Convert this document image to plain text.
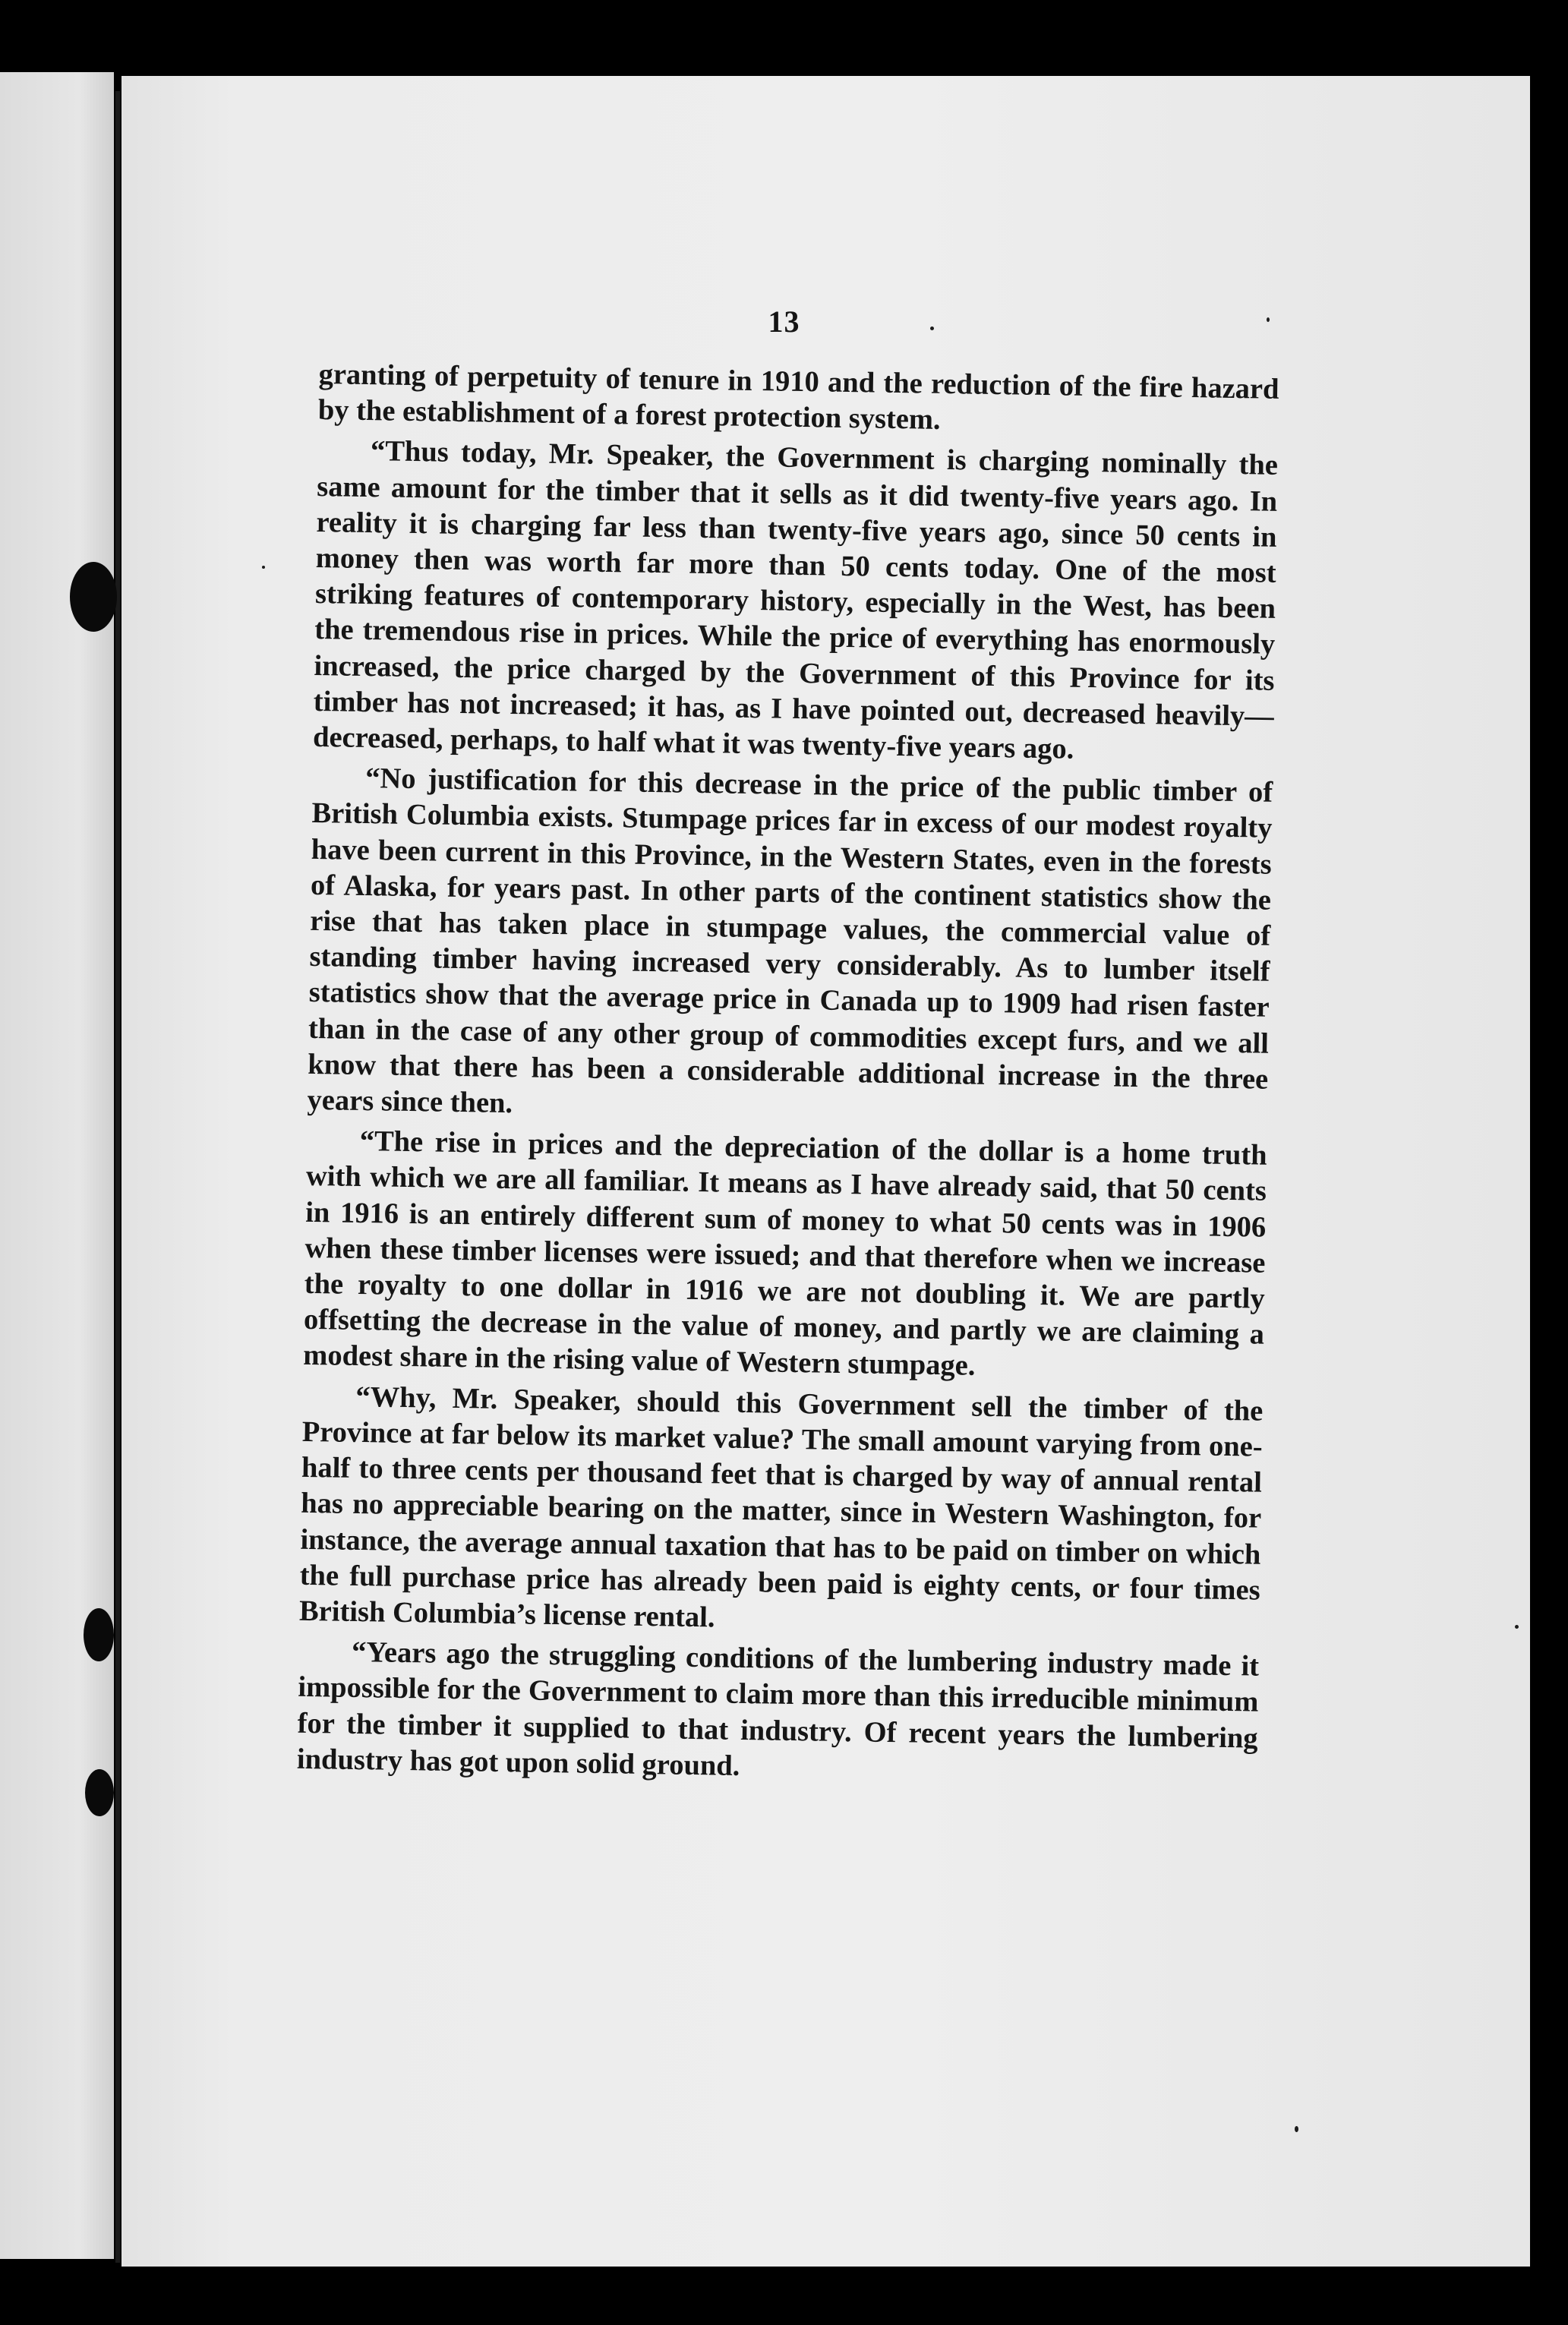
13

granting of perpetuity of tenure in 1910 and the reduction of the fire hazard by the establishment of a forest protection system.

“Thus today, Mr. Speaker, the Government is charging nominally the same amount for the timber that it sells as it did twenty-five years ago. In reality it is charging far less than twenty-five years ago, since 50 cents in money then was worth far more than 50 cents today. One of the most striking features of contemporary history, especially in the West, has been the tremendous rise in prices. While the price of everything has enormously increased, the price charged by the Government of this Province for its timber has not increased; it has, as I have pointed out, decreased heavily—decreased, perhaps, to half what it was twenty-five years ago.

“No justification for this decrease in the price of the public timber of British Columbia exists. Stumpage prices far in excess of our modest royalty have been current in this Province, in the Western States, even in the forests of Alaska, for years past. In other parts of the continent statistics show the rise that has taken place in stumpage values, the commercial value of standing timber having increased very considerably. As to lumber itself statistics show that the average price in Canada up to 1909 had risen faster than in the case of any other group of commodities except furs, and we all know that there has been a considerable additional increase in the three years since then.

“The rise in prices and the depreciation of the dollar is a home truth with which we are all familiar. It means as I have already said, that 50 cents in 1916 is an entirely different sum of money to what 50 cents was in 1906 when these timber licenses were issued; and that therefore when we increase the royalty to one dollar in 1916 we are not doubling it. We are partly offsetting the decrease in the value of money, and partly we are claiming a modest share in the rising value of Western stumpage.

“Why, Mr. Speaker, should this Government sell the timber of the Province at far below its market value? The small amount varying from one-half to three cents per thousand feet that is charged by way of annual rental has no appreciable bearing on the matter, since in Western Washington, for instance, the average annual taxation that has to be paid on timber on which the full purchase price has already been paid is eighty cents, or four times British Columbia’s license rental.

“Years ago the struggling conditions of the lumbering industry made it impossible for the Government to claim more than this irreducible minimum for the timber it supplied to that industry. Of recent years the lumbering industry has got upon solid ground.
